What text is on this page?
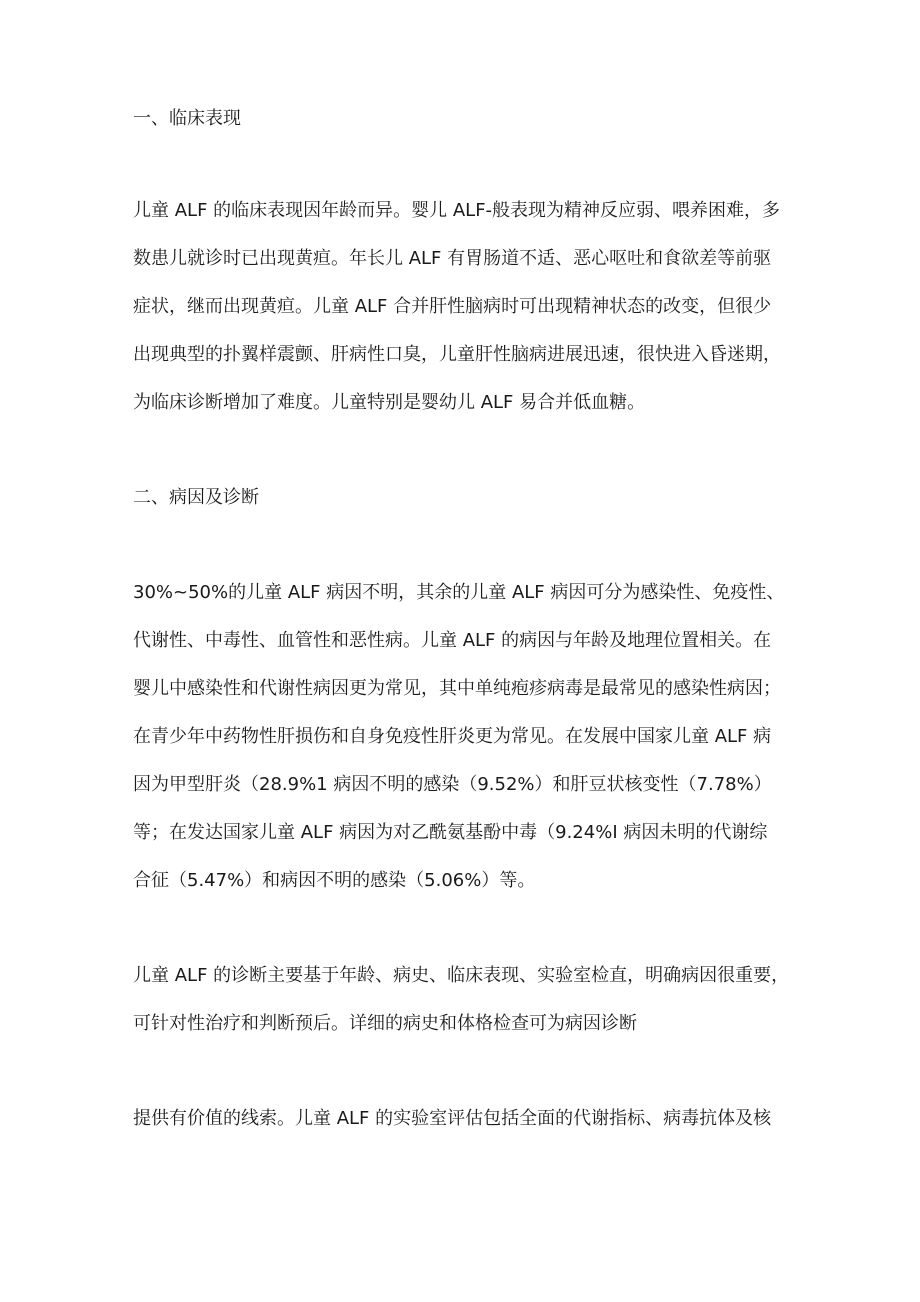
一、临床表现
儿童 ALF 的临床表现因年龄而异。婴儿 ALF-般表现为精神反应弱、喂养困难，多
数患儿就诊时已出现黄疸。年长儿 ALF 有胃肠道不适、恶心呕吐和食欲差等前驱
症状，继而出现黄疸。儿童 ALF 合并肝性脑病时可出现精神状态的改变，但很少
出现典型的扑翼样震颤、肝病性口臭，儿童肝性脑病进展迅速，很快进入昏迷期，
为临床诊断增加了难度。儿童特别是婴幼儿 ALF 易合并低血糖。
二、病因及诊断
30%~50%的儿童 ALF 病因不明，其余的儿童 ALF 病因可分为感染性、免疫性、
代谢性、中毒性、血管性和恶性病。儿童 ALF 的病因与年龄及地理位置相关。在
婴儿中感染性和代谢性病因更为常见，其中单纯疱疹病毒是最常见的感染性病因；
在青少年中药物性肝损伤和自身免疫性肝炎更为常见。在发展中国家儿童 ALF 病
因为甲型肝炎（28.9%1 病因不明的感染（9.52%）和肝豆状核变性（7.78%）
等；在发达国家儿童 ALF 病因为对乙酰氨基酚中毒（9.24%I 病因未明的代谢综
合征（5.47%）和病因不明的感染（5.06%）等。
儿童 ALF 的诊断主要基于年龄、病史、临床表现、实验室检直，明确病因很重要，
可针对性治疗和判断预后。详细的病史和体格检查可为病因诊断
提供有价值的线索。儿童 ALF 的实验室评估包括全面的代谢指标、病毒抗体及核
